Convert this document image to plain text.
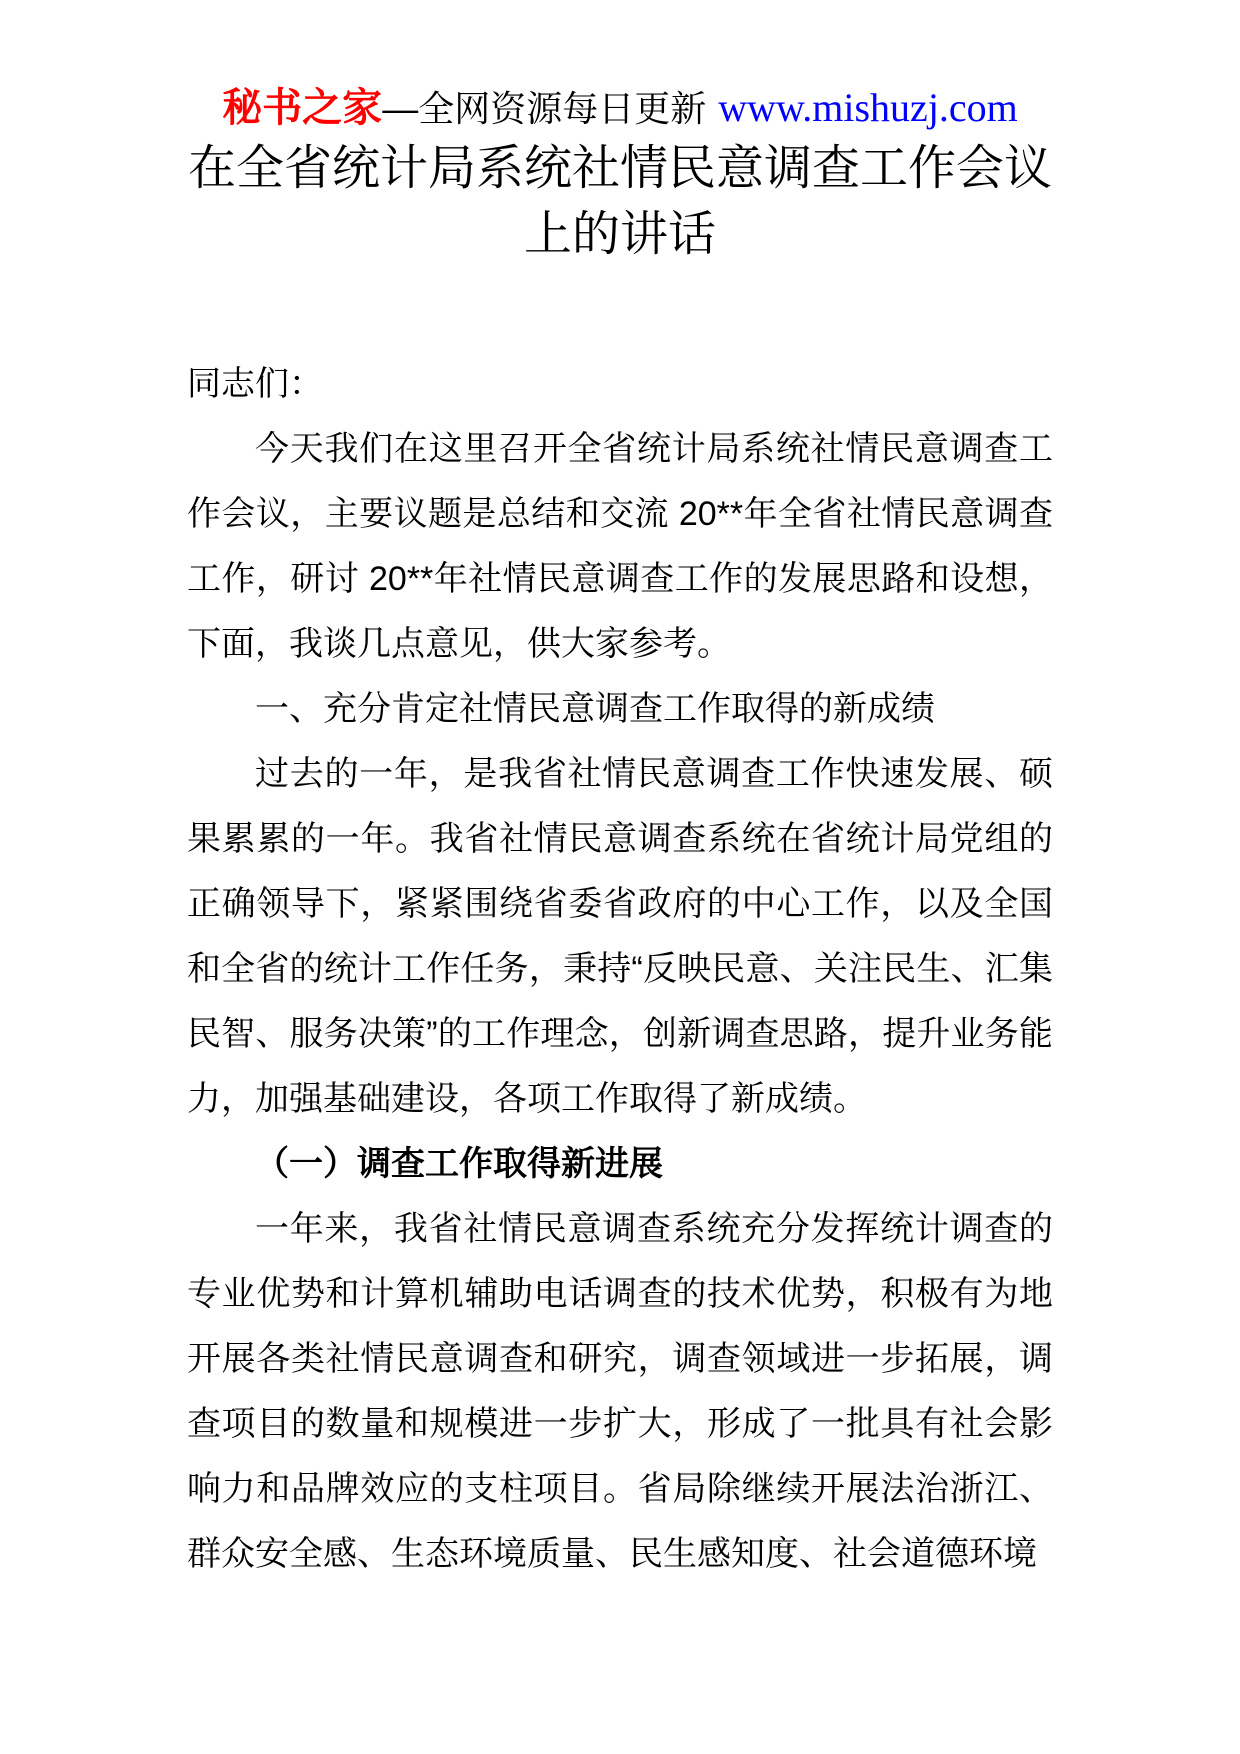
秘书之家—全网资源每日更新 www.mishuzj.com
在全省统计局系统社情民意调查工作会议上的讲话

同志们：

今天我们在这里召开全省统计局系统社情民意调查工作会议，主要议题是总结和交流 20**年全省社情民意调查工作，研讨 20**年社情民意调查工作的发展思路和设想，下面，我谈几点意见，供大家参考。

一、充分肯定社情民意调查工作取得的新成绩

过去的一年，是我省社情民意调查工作快速发展、硕果累累的一年。我省社情民意调查系统在省统计局党组的正确领导下，紧紧围绕省委省政府的中心工作，以及全国和全省的统计工作任务，秉持“反映民意、关注民生、汇集民智、服务决策”的工作理念，创新调查思路，提升业务能力，加强基础建设，各项工作取得了新成绩。

（一）调查工作取得新进展

一年来，我省社情民意调查系统充分发挥统计调查的专业优势和计算机辅助电话调查的技术优势，积极有为地开展各类社情民意调查和研究，调查领域进一步拓展，调查项目的数量和规模进一步扩大，形成了一批具有社会影响力和品牌效应的支柱项目。省局除继续开展法治浙江、群众安全感、生态环境质量、民生感知度、社会道德环境
